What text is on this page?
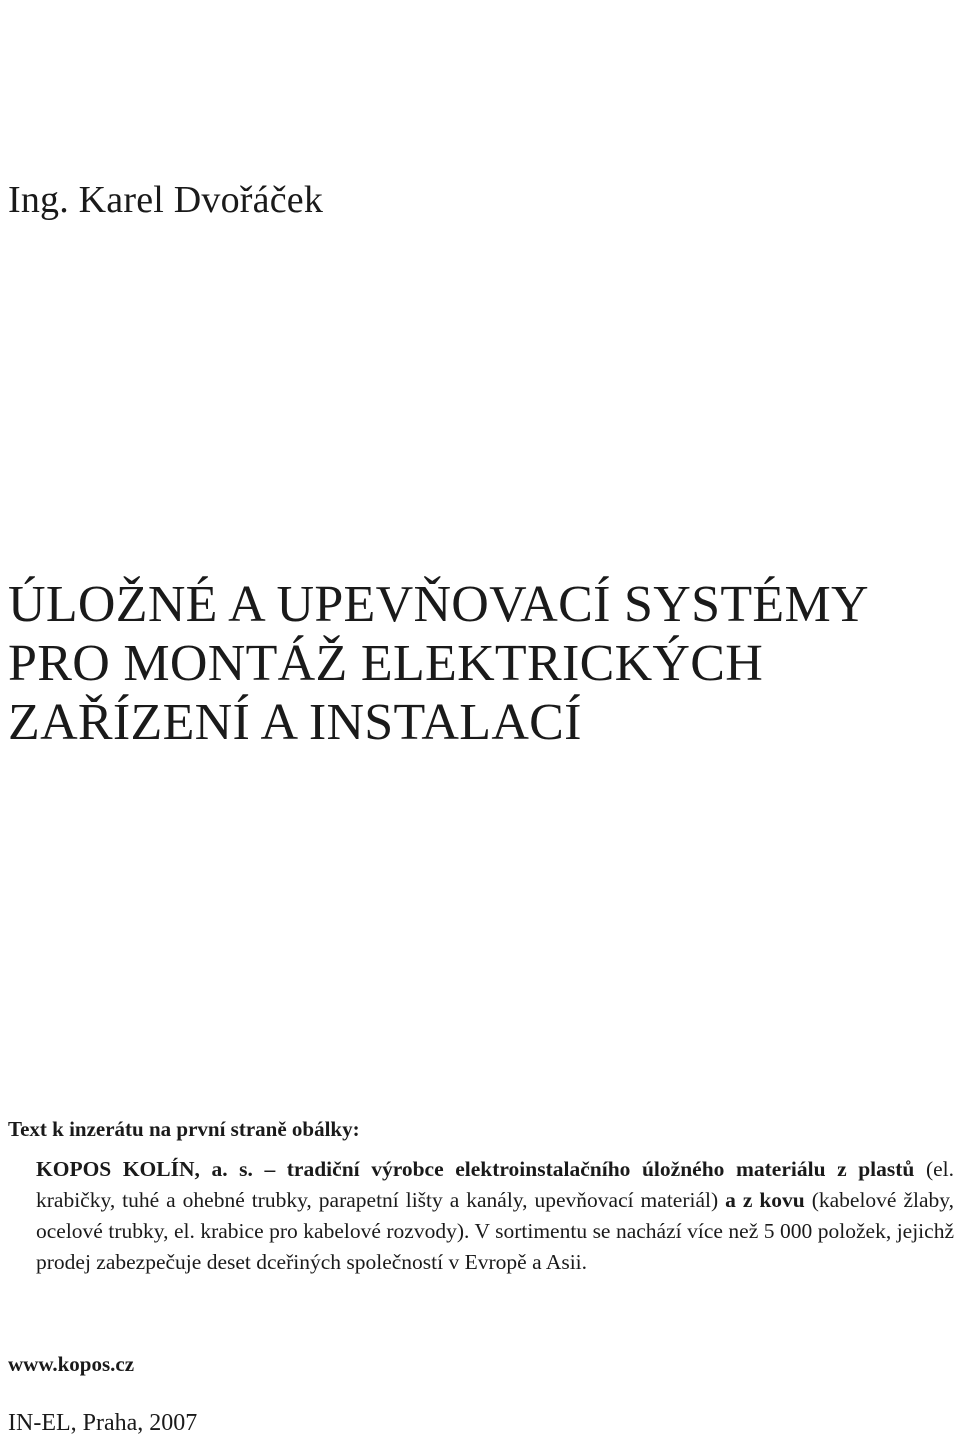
Ing. Karel Dvořáček
ÚLOŽNÉ A UPEVŇOVACÍ SYSTÉMY
PRO MONTÁŽ ELEKTRICKÝCH
ZAŘÍZENÍ A INSTALACÍ
Text k inzerátu na první straně obálky:
KOPOS KOLÍN, a. s. – tradiční výrobce elektroinstalačního úložného materiálu z plastů (el. krabičky, tuhé a ohebné trubky, parapetní lišty a kanály, upevňovací materiál) a z kovu (kabelové žlaby, ocelové trubky, el. krabice pro kabelové rozvody). V sortimentu se nachází více než 5 000 položek, jejichž prodej zabezpečuje deset dceřiných společností v Evropě a Asii.
www.kopos.cz
IN-EL, Praha, 2007
